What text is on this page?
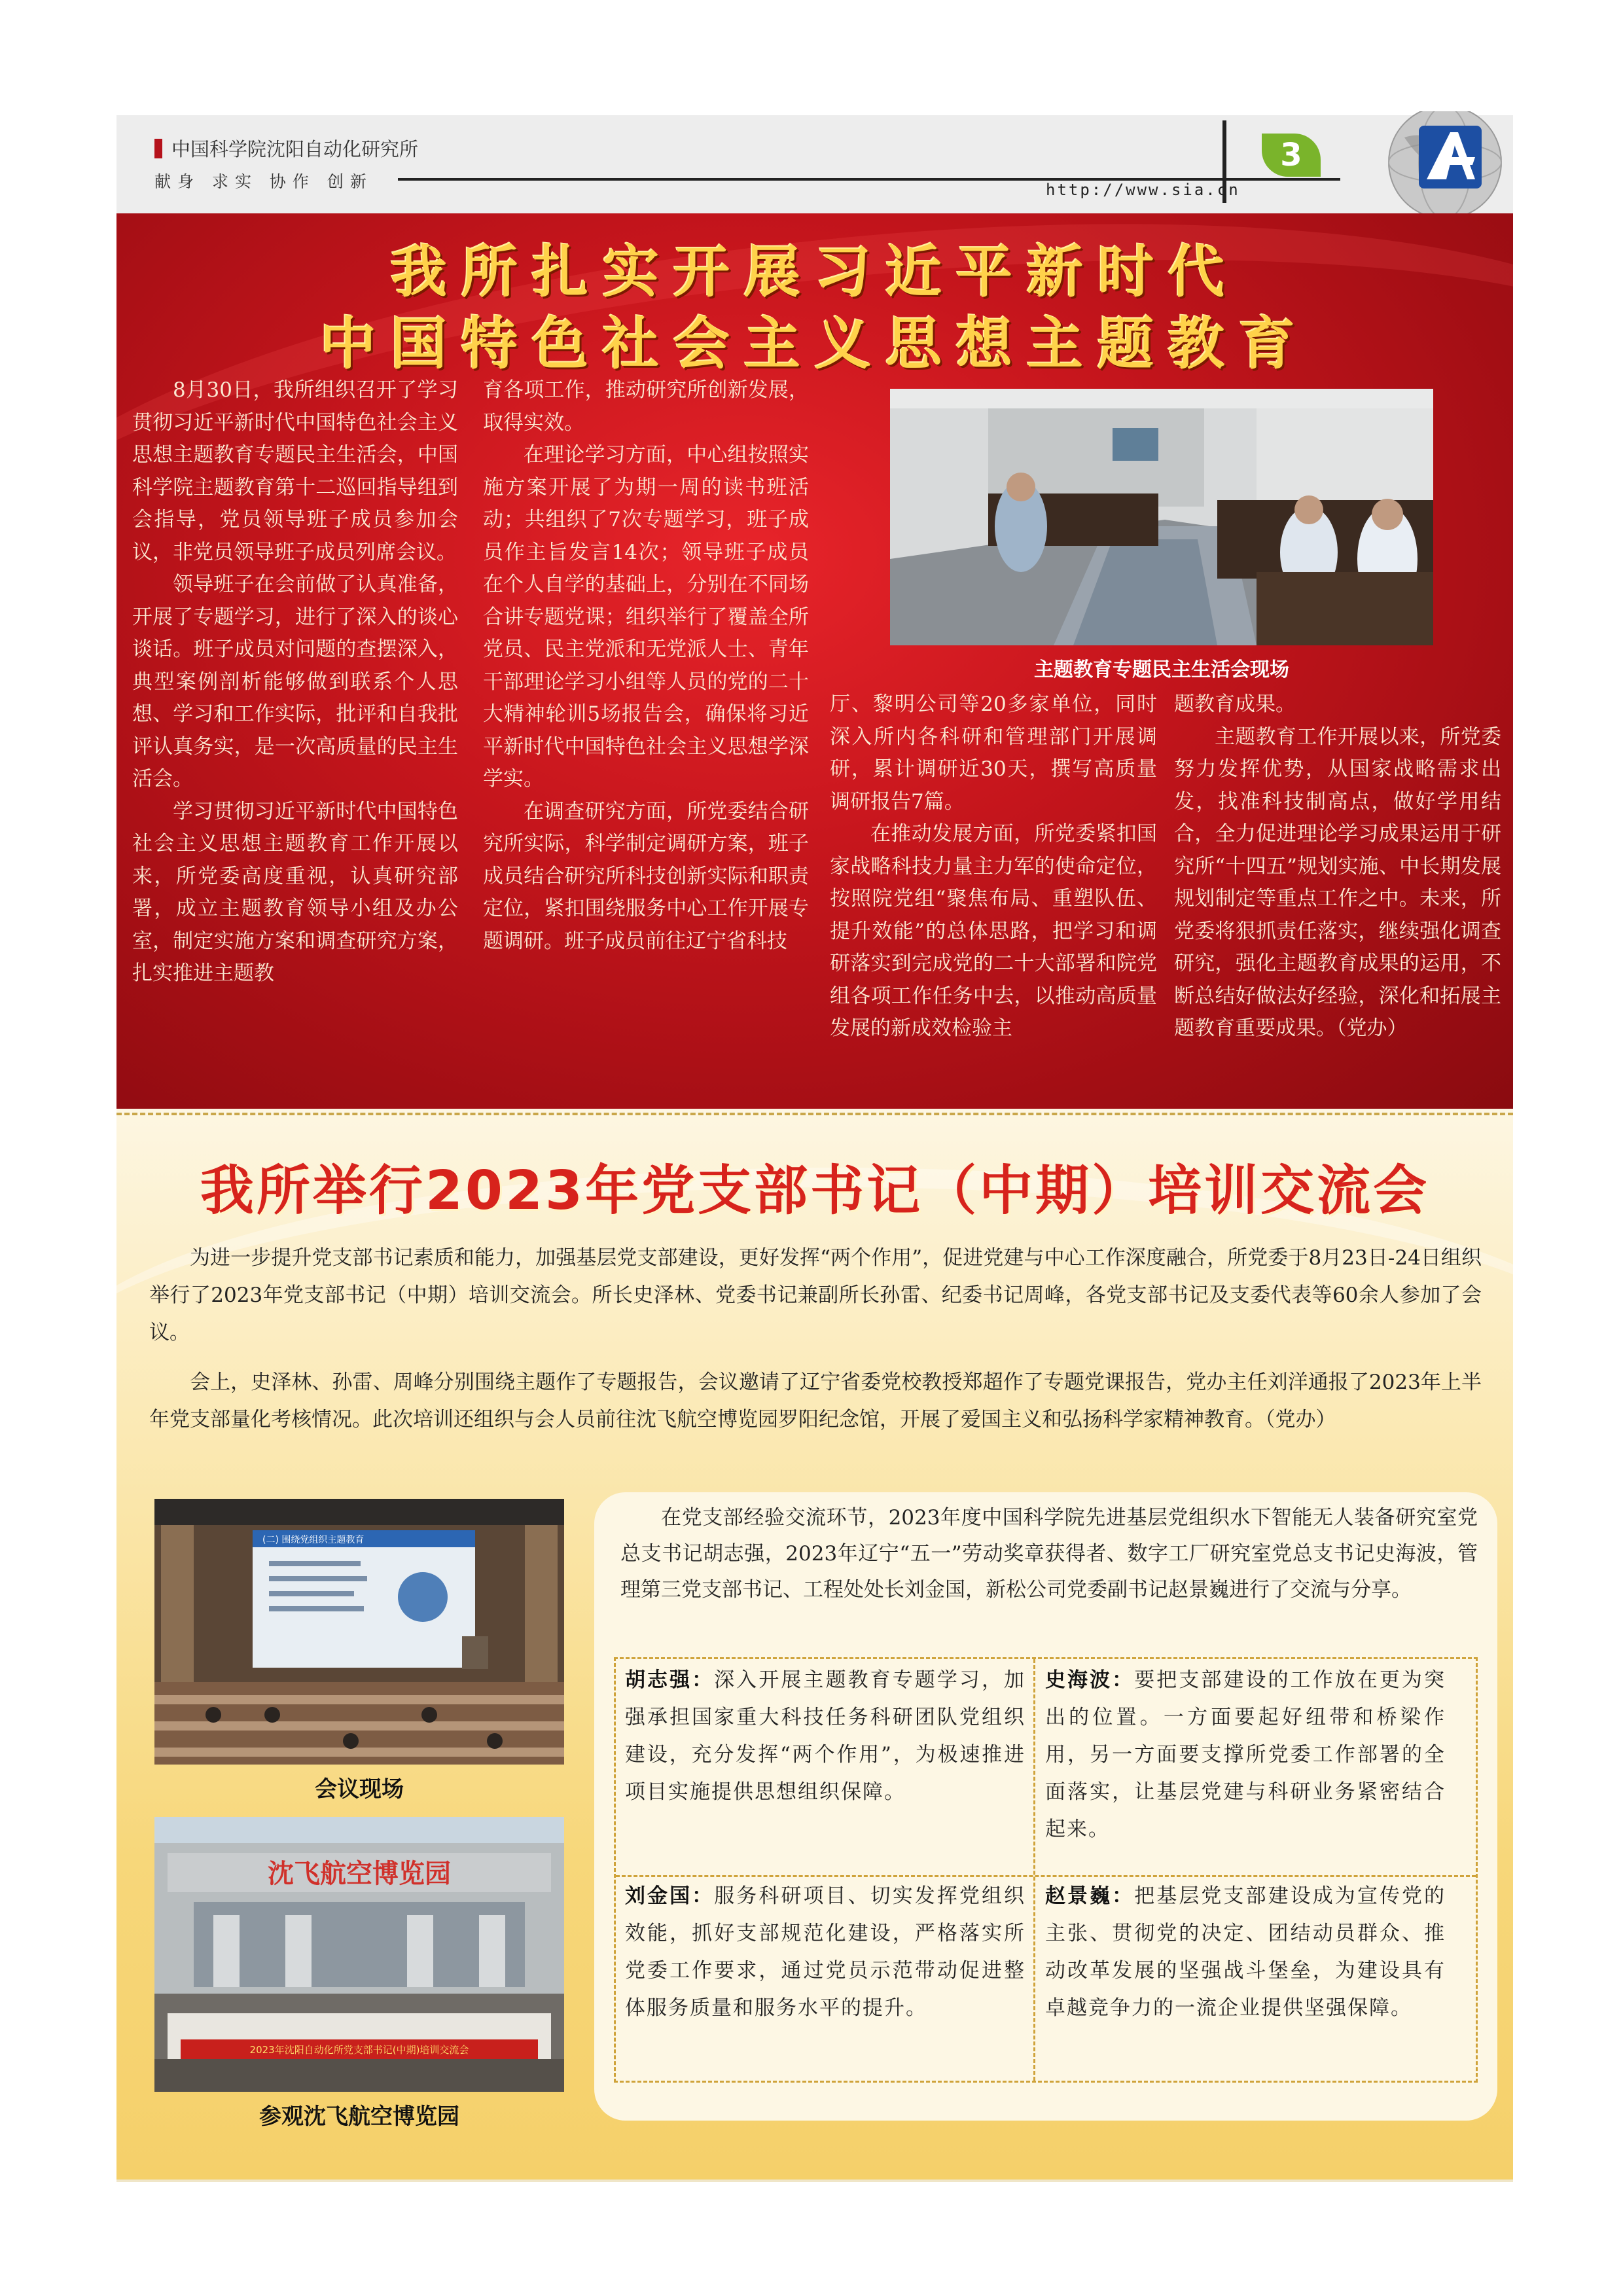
中国科学院沈阳自动化研究所
献身 求实 协作 创新	http://www.sia.cn
3
我所扎实开展习近平新时代
中国特色社会主义思想主题教育

8月30日，我所组织召开了学习贯彻习近平新时代中国特色社会主义思想主题教育专题民主生活会，中国科学院主题教育第十二巡回指导组到会指导，党员领导班子成员参加会议，非党员领导班子成员列席会议。

领导班子在会前做了认真准备，开展了专题学习，进行了深入的谈心谈话。班子成员对问题的查摆深入，典型案例剖析能够做到联系个人思想、学习和工作实际，批评和自我批评认真务实，是一次高质量的民主生活会。

学习贯彻习近平新时代中国特色社会主义思想主题教育工作开展以来，所党委高度重视，认真研究部署，成立主题教育领导小组及办公室，制定实施方案和调查研究方案，扎实推进主题教

育各项工作，推动研究所创新发展，取得实效。

在理论学习方面，中心组按照实施方案开展了为期一周的读书班活动；共组织了7次专题学习，班子成员作主旨发言14次；领导班子成员在个人自学的基础上，分别在不同场合讲专题党课；组织举行了覆盖全所党员、民主党派和无党派人士、青年干部理论学习小组等人员的党的二十大精神轮训5场报告会，确保将习近平新时代中国特色社会主义思想学深学实。

在调查研究方面，所党委结合研究所实际，科学制定调研方案，班子成员结合研究所科技创新实际和职责定位，紧扣围绕服务中心工作开展专题调研。班子成员前往辽宁省科技

主题教育专题民主生活会现场

厅、黎明公司等20多家单位，同时深入所内各科研和管理部门开展调研，累计调研近30天，撰写高质量调研报告7篇。

在推动发展方面，所党委紧扣国家战略科技力量主力军的使命定位，按照院党组“聚焦布局、重塑队伍、提升效能”的总体思路，把学习和调研落实到完成党的二十大部署和院党组各项工作任务中去，以推动高质量发展的新成效检验主

题教育成果。

主题教育工作开展以来，所党委努力发挥优势，从国家战略需求出发，找准科技制高点，做好学用结合，全力促进理论学习成果运用于研究所“十四五”规划实施、中长期发展规划制定等重点工作之中。未来，所党委将狠抓责任落实，继续强化调查研究，强化主题教育成果的运用，不断总结好做法好经验，深化和拓展主题教育重要成果。（党办）

我所举行2023年党支部书记（中期）培训交流会

为进一步提升党支部书记素质和能力，加强基层党支部建设，更好发挥“两个作用”，促进党建与中心工作深度融合，所党委于8月23日-24日组织举行了2023年党支部书记（中期）培训交流会。所长史泽林、党委书记兼副所长孙雷、纪委书记周峰，各党支部书记及支委代表等60余人参加了会议。

会上，史泽林、孙雷、周峰分别围绕主题作了专题报告，会议邀请了辽宁省委党校教授郑超作了专题党课报告，党办主任刘洋通报了2023年上半年党支部量化考核情况。此次培训还组织与会人员前往沈飞航空博览园罗阳纪念馆，开展了爱国主义和弘扬科学家精神教育。（党办）

(二) 围绕党组织主题教育
会议现场
沈飞航空博览园
2023年沈阳自动化所党支部书记(中期)培训交流会
参观沈飞航空博览园

在党支部经验交流环节，2023年度中国科学院先进基层党组织水下智能无人装备研究室党总支书记胡志强，2023年辽宁“五一”劳动奖章获得者、数字工厂研究室党总支书记史海波，管理第三党支部书记、工程处处长刘金国，新松公司党委副书记赵景巍进行了交流与分享。

胡志强：深入开展主题教育专题学习，加强承担国家重大科技任务科研团队党组织建设，充分发挥“两个作用”，为极速推进项目实施提供思想组织保障。
史海波：要把支部建设的工作放在更为突出的位置。一方面要起好纽带和桥梁作用，另一方面要支撑所党委工作部署的全面落实，让基层党建与科研业务紧密结合起来。
刘金国：服务科研项目、切实发挥党组织效能，抓好支部规范化建设，严格落实所党委工作要求，通过党员示范带动促进整体服务质量和服务水平的提升。
赵景巍：把基层党支部建设成为宣传党的主张、贯彻党的决定、团结动员群众、推动改革发展的坚强战斗堡垒，为建设具有卓越竞争力的一流企业提供坚强保障。
